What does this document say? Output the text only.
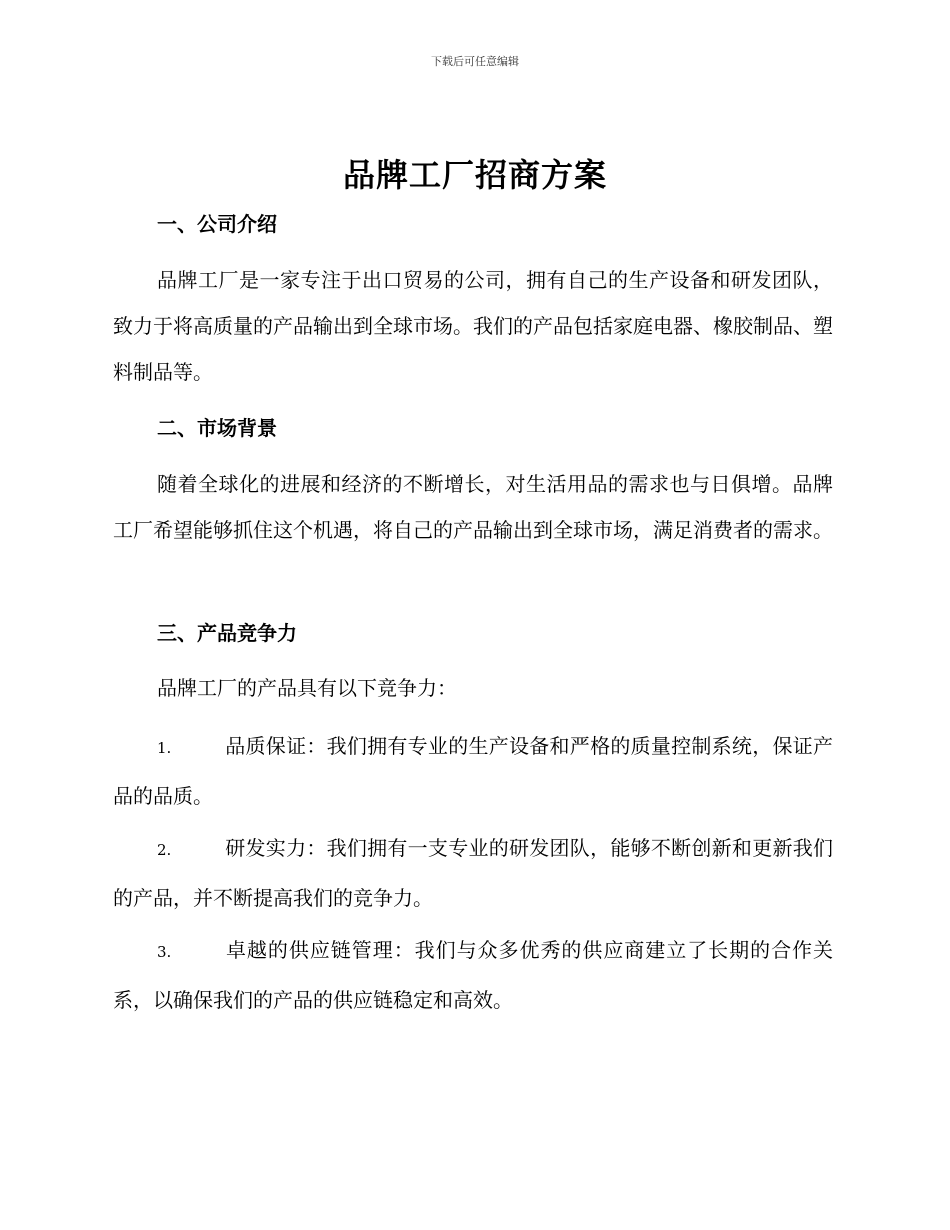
下载后可任意编辑
品牌工厂招商方案
一、公司介绍
品牌工厂是一家专注于出口贸易的公司，拥有自己的生产设备和研发团队，致力于将高质量的产品输出到全球市场。我们的产品包括家庭电器、橡胶制品、塑料制品等。
二、市场背景
随着全球化的进展和经济的不断增长，对生活用品的需求也与日俱增。品牌工厂希望能够抓住这个机遇，将自己的产品输出到全球市场，满足消费者的需求。
三、产品竞争力
品牌工厂的产品具有以下竞争力：
1.	品质保证：我们拥有专业的生产设备和严格的质量控制系统，保证产品的品质。
2.	研发实力：我们拥有一支专业的研发团队，能够不断创新和更新我们的产品，并不断提高我们的竞争力。
3.	卓越的供应链管理：我们与众多优秀的供应商建立了长期的合作关系，以确保我们的产品的供应链稳定和高效。
